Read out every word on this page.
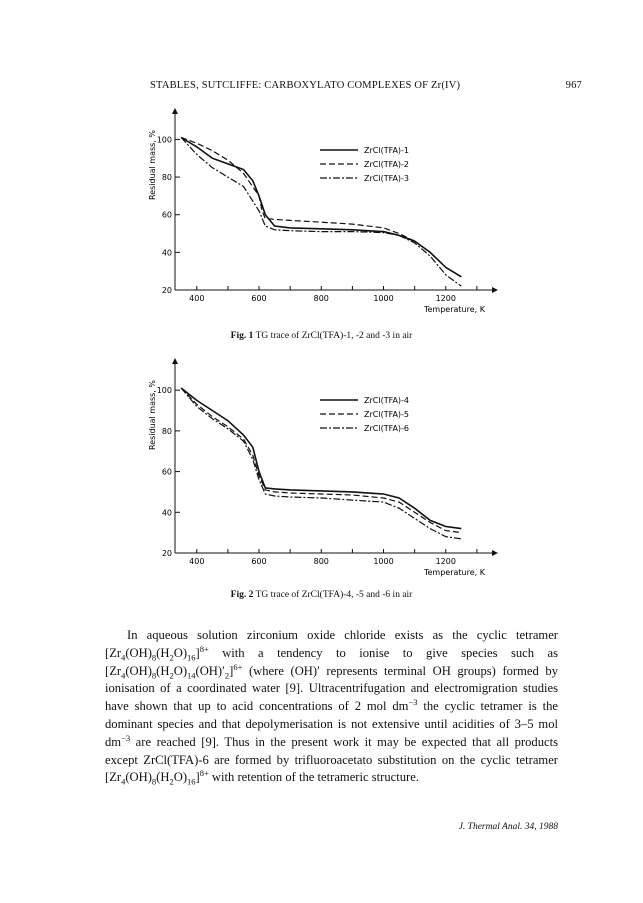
STABLES, SUTCLIFFE: CARBOXYLATO COMPLEXES OF Zr(IV)	967
400	600	800	1000	1200
20
40
60
80
100
Temperature, K
Residual mass, %	ZrCl(TFA)-1
ZrCl(TFA)-2
ZrCl(TFA)-3
Fig. 1 TG trace of ZrCl(TFA)-1, -2 and -3 in air
400	600	800	1000	1200
20
40
60
80
100
Temperature, K
Residual mass, %	ZrCl(TFA)-4
ZrCl(TFA)-5
ZrCl(TFA)-6
Fig. 2 TG trace of ZrCl(TFA)-4, -5 and -6 in air

In aqueous solution zirconium oxide chloride exists as the cyclic tetramer $[Zr_4(OH)_8(H_2O)_{16}]^{8+}$ with a tendency to ionise to give species such as $[Zr_4(OH)_8(H_2O)_{14}(OH)'_2]^{6+}$ (where (OH)′ represents terminal OH groups) formed by ionisation of a coordinated water [9]. Ultracentrifugation and electromigration studies have shown that up to acid concentrations of 2 mol $dm^{-3}$ the cyclic tetramer is the dominant species and that depolymerisation is not extensive until acidities of 3–5 mol $dm^{-3}$ are reached [9]. Thus in the present work it may be expected that all products except ZrCl(TFA)-6 are formed by trifluoroacetato substitution on the cyclic tetramer $[Zr_4(OH)_8(H_2O)_{16}]^{8+}$ with retention of the tetrameric structure.

J. Thermal Anal. 34, 1988
